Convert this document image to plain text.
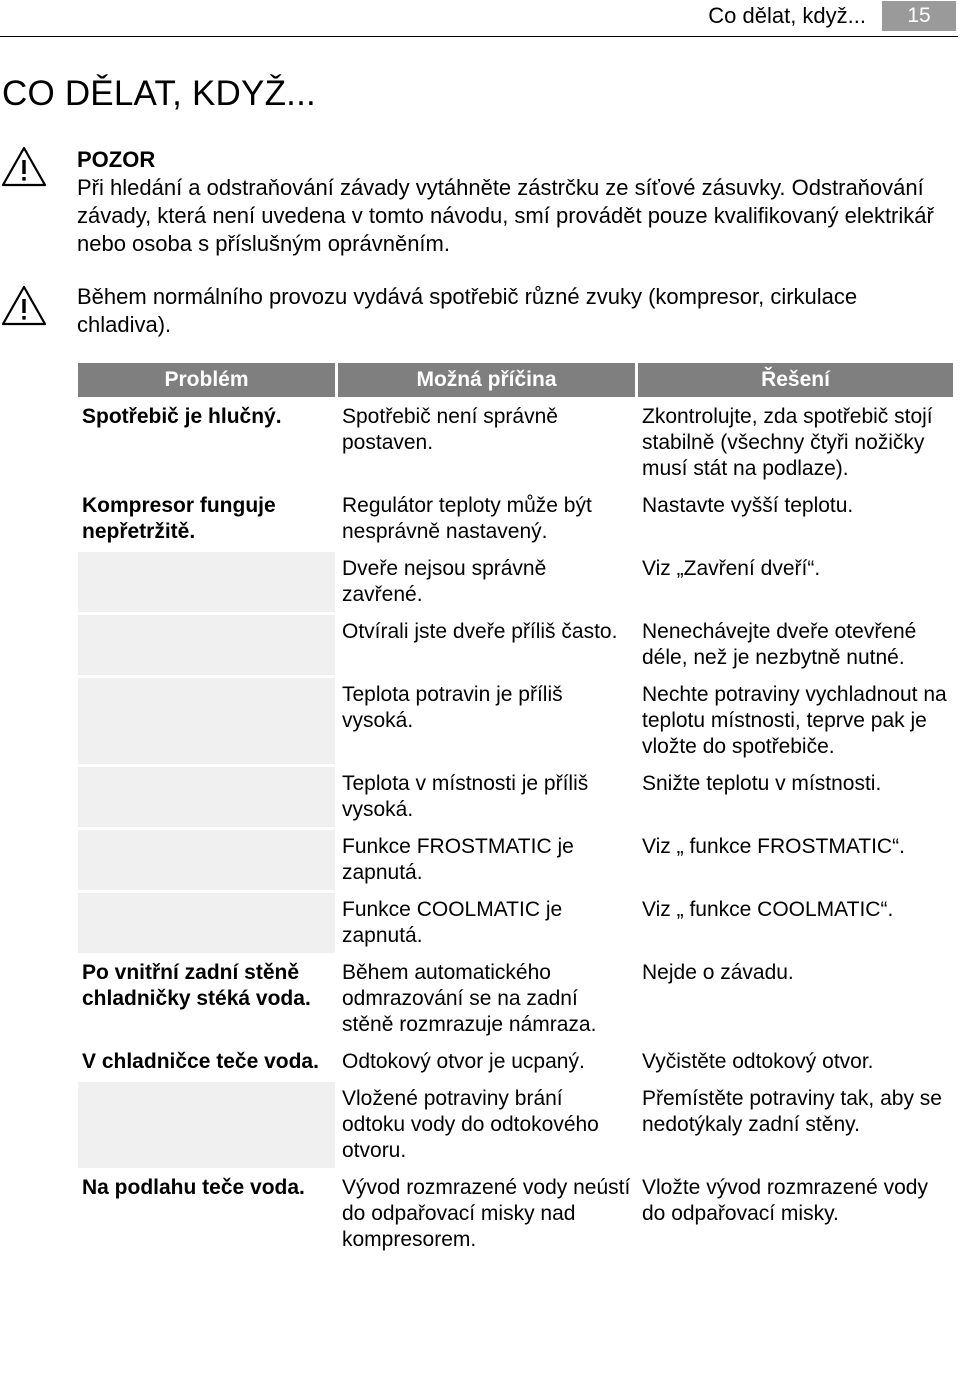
Co dělat, když...	15
CO DĚLAT, KDYŽ...

POZOR

Při hledání a odstraňování závady vytáhněte zástrčku ze síťové zásuvky. Odstraňování závady, která není uvedena v tomto návodu, smí provádět pouze kvalifikovaný elektrikář nebo osoba s příslušným oprávněním.

Během normálního provozu vydává spotřebič různé zvuky (kompresor, cirkulace chladiva).

Problém	Možná příčina	Řešení
Spotřebič je hlučný.	Spotřebič není správně postaven.	Zkontrolujte, zda spotřebič stojí stabilně (všechny čtyři nožičky musí stát na podlaze).
Kompresor funguje nepřetržitě.	Regulátor teploty může být nesprávně nastavený.	Nastavte vyšší teplotu.
	Dveře nejsou správně zavřené.	Viz „Zavření dveří“.
	Otvírali jste dveře příliš často.	Nenechávejte dveře otevřené déle, než je nezbytně nutné.
	Teplota potravin je příliš vysoká.	Nechte potraviny vychladnout na teplotu místnosti, teprve pak je vložte do spotřebiče.
	Teplota v místnosti je příliš vysoká.	Snižte teplotu v místnosti.
	Funkce FROSTMATIC je zapnutá.	Viz „ funkce FROSTMATIC“.
	Funkce COOLMATIC je zapnutá.	Viz „ funkce COOLMATIC“.
Po vnitřní zadní stěně chladničky stéká voda.	Během automatického odmrazování se na zadní stěně rozmrazuje námraza.	Nejde o závadu.
V chladničce teče voda.	Odtokový otvor je ucpaný.	Vyčistěte odtokový otvor.
	Vložené potraviny brání odtoku vody do odtokového otvoru.	Přemístěte potraviny tak, aby se nedotýkaly zadní stěny.
Na podlahu teče voda.	Vývod rozmrazené vody neústí do odpařovací misky nad kompresorem.	Vložte vývod rozmrazené vody do odpařovací misky.
